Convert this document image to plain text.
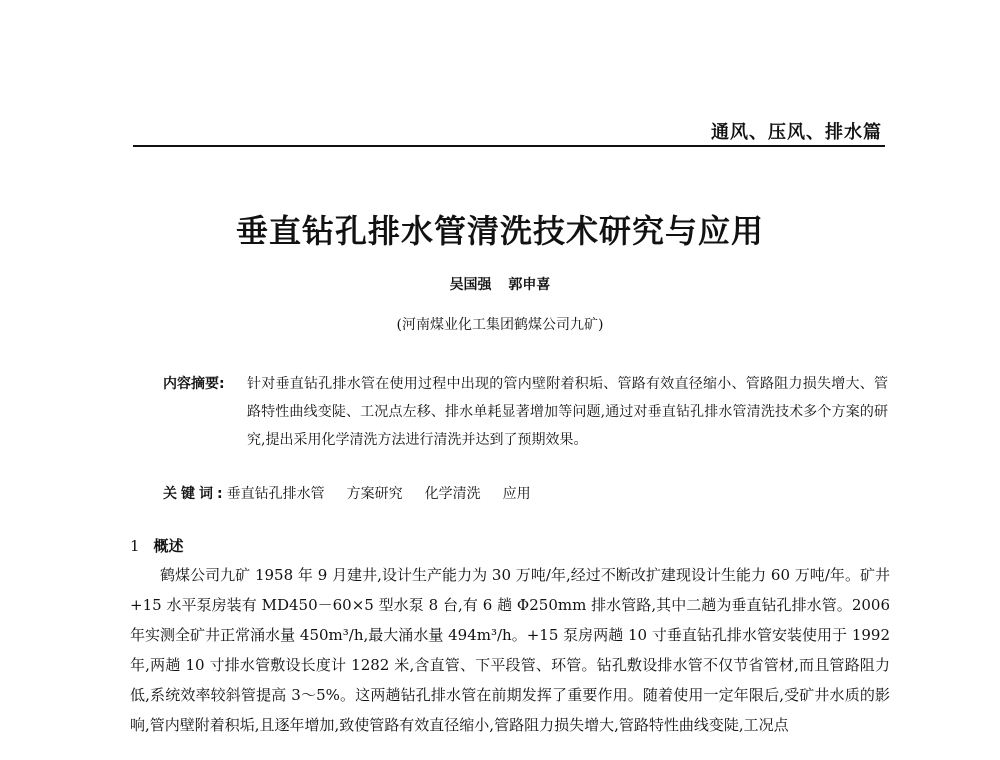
通风、压风、排水篇
垂直钻孔排水管清洗技术研究与应用
吴国强 郭申喜
(河南煤业化工集团鹤煤公司九矿)
内容摘要:	针对垂直钻孔排水管在使用过程中出现的管内壁附着积垢、管路有效直径缩小、管路阻力损失增大、管路特性曲线变陡、工况点左移、排水单耗显著增加等问题,通过对垂直钻孔排水管清洗技术多个方案的研究,提出采用化学清洗方法进行清洗并达到了预期效果。
关键词:垂直钻孔排水管 方案研究 化学清洗 应用
1 概述
鹤煤公司九矿 1958 年 9 月建井,设计生产能力为 30 万吨/年,经过不断改扩建现设计生能力 60 万吨/年。矿井+15 水平泵房装有 MD450－60×5 型水泵 8 台,有 6 趟 Φ250mm 排水管路,其中二趟为垂直钻孔排水管。2006 年实测全矿井正常涌水量 450m³/h,最大涌水量 494m³/h。+15 泵房两趟 10 寸垂直钻孔排水管安装使用于 1992 年,两趟 10 寸排水管敷设长度计 1282 米,含直管、下平段管、环管。钻孔敷设排水管不仅节省管材,而且管路阻力低,系统效率较斜管提高 3～5%。这两趟钻孔排水管在前期发挥了重要作用。随着使用一定年限后,受矿井水质的影响,管内壁附着积垢,且逐年增加,致使管路有效直径缩小,管路阻力损失增大,管路特性曲线变陡,工况点
